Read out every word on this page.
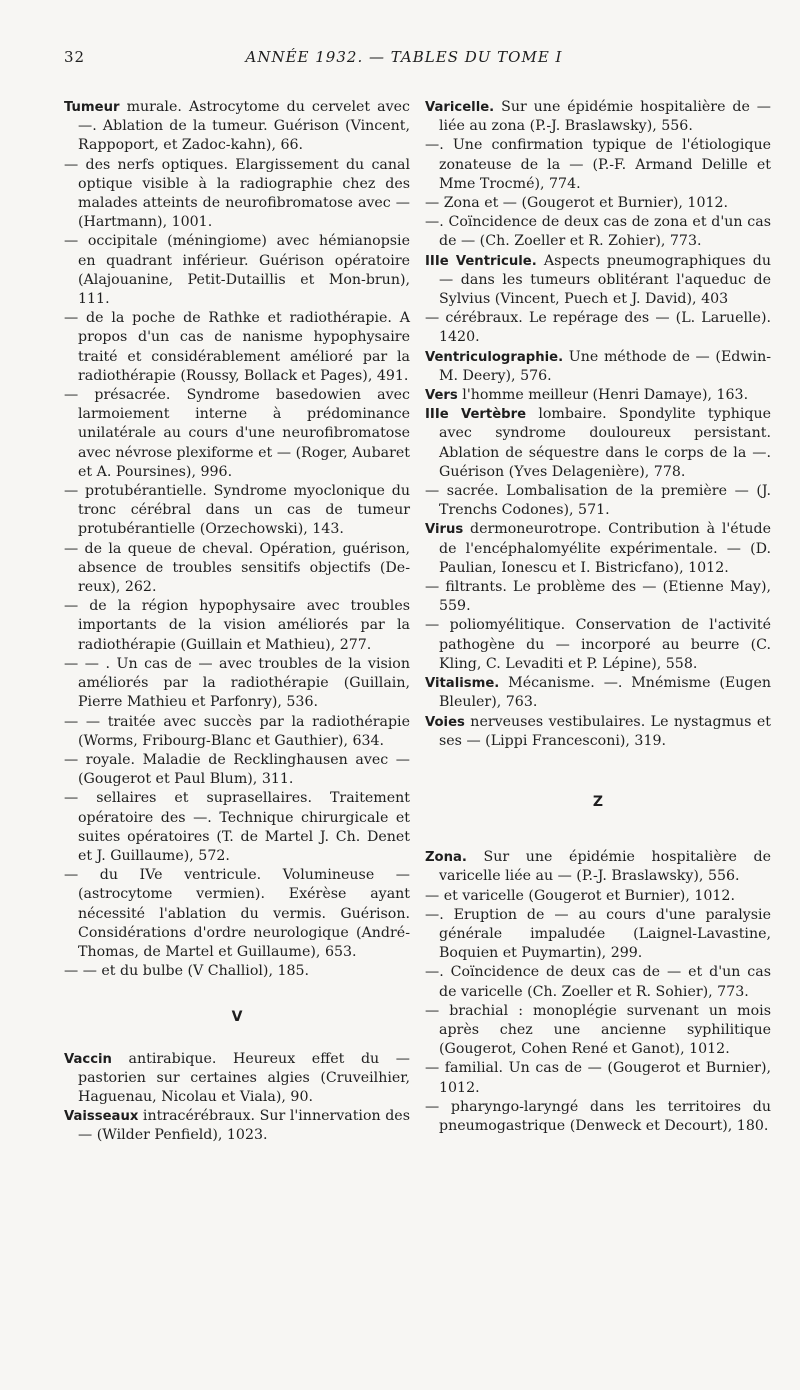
32	ANNÉE 1932. — TABLES DU TOME I

Tumeur murale. Astrocytome du cervelet avec —. Ablation de la tumeur. Guérison (Vincent, Rappoport, et Zadoc-kahn), 66.

— des nerfs optiques. Elargissement du canal optique visible à la radiographie chez des malades atteints de neurofibromatose avec — (Hartmann), 1001.

— occipitale (méningiome) avec hémianopsie en quadrant inférieur. Guérison opératoire (Alajouanine, Petit-Dutaillis et Mon-brun), 111.

— de la poche de Rathke et radiothérapie. A propos d'un cas de nanisme hypophysaire traité et considérablement amélioré par la radiothérapie (Roussy, Bollack et Pages), 491.

— présacrée. Syndrome basedowien avec larmoiement interne à prédominance unilatérale au cours d'une neurofibromatose avec névrose plexiforme et — (Roger, Aubaret et A. Poursines), 996.

— protubérantielle. Syndrome myoclonique du tronc cérébral dans un cas de tumeur protubérantielle (Orzechowski), 143.

— de la queue de cheval. Opération, guérison, absence de troubles sensitifs objectifs (De-reux), 262.

— de la région hypophysaire avec troubles importants de la vision améliorés par la radiothérapie (Guillain et Mathieu), 277.

— — . Un cas de — avec troubles de la vision améliorés par la radiothérapie (Guillain, Pierre Mathieu et Parfonry), 536.

— — traitée avec succès par la radiothérapie (Worms, Fribourg-Blanc et Gauthier), 634.

— royale. Maladie de Recklinghausen avec — (Gougerot et Paul Blum), 311.

— sellaires et suprasellaires. Traitement opératoire des —. Technique chirurgicale et suites opératoires (T. de Martel J. Ch. Denet et J. Guillaume), 572.

— du IVe ventricule. Volumineuse — (astrocytome vermien). Exérèse ayant nécessité l'ablation du vermis. Guérison. Considérations d'ordre neurologique (André-Thomas, de Martel et Guillaume), 653.

— — et du bulbe (V Challiol), 185.

V

Vaccin antirabique. Heureux effet du — pastorien sur certaines algies (Cruveilhier, Haguenau, Nicolau et Viala), 90.

Vaisseaux intracérébraux. Sur l'innervation des — (Wilder Penfield), 1023.

Varicelle. Sur une épidémie hospitalière de — liée au zona (P.-J. Braslawsky), 556.

—. Une confirmation typique de l'étiologique zonateuse de la — (P.-F. Armand Delille et Mme Trocmé), 774.

— Zona et — (Gougerot et Burnier), 1012.

—. Coïncidence de deux cas de zona et d'un cas de — (Ch. Zoeller et R. Zohier), 773.

IIIe Ventricule. Aspects pneumographiques du — dans les tumeurs oblitérant l'aqueduc de Sylvius (Vincent, Puech et J. David), 403

— cérébraux. Le repérage des — (L. Laruelle). 1420.

Ventriculographie. Une méthode de — (Edwin-M. Deery), 576.

Vers l'homme meilleur (Henri Damaye), 163.

IIIe Vertèbre lombaire. Spondylite typhique avec syndrome douloureux persistant. Ablation de séquestre dans le corps de la —. Guérison (Yves Delagenière), 778.

— sacrée. Lombalisation de la première — (J. Trenchs Codones), 571.

Virus dermoneurotrope. Contribution à l'étude de l'encéphalomyélite expérimentale. — (D. Paulian, Ionescu et I. Bistricfano), 1012.

— filtrants. Le problème des — (Etienne May), 559.

— poliomyélitique. Conservation de l'activité pathogène du — incorporé au beurre (C. Kling, C. Levaditi et P. Lépine), 558.

Vitalisme. Mécanisme. —. Mnémisme (Eugen Bleuler), 763.

Voies nerveuses vestibulaires. Le nystagmus et ses — (Lippi Francesconi), 319.

Z

Zona. Sur une épidémie hospitalière de varicelle liée au — (P.-J. Braslawsky), 556.

— et varicelle (Gougerot et Burnier), 1012.

—. Eruption de — au cours d'une paralysie générale impaludée (Laignel-Lavastine, Boquien et Puymartin), 299.

—. Coïncidence de deux cas de — et d'un cas de varicelle (Ch. Zoeller et R. Sohier), 773.

— brachial : monoplégie survenant un mois après chez une ancienne syphilitique (Gougerot, Cohen René et Ganot), 1012.

— familial. Un cas de — (Gougerot et Burnier), 1012.

— pharyngo-laryngé dans les territoires du pneumogastrique (Denweck et Decourt), 180.
